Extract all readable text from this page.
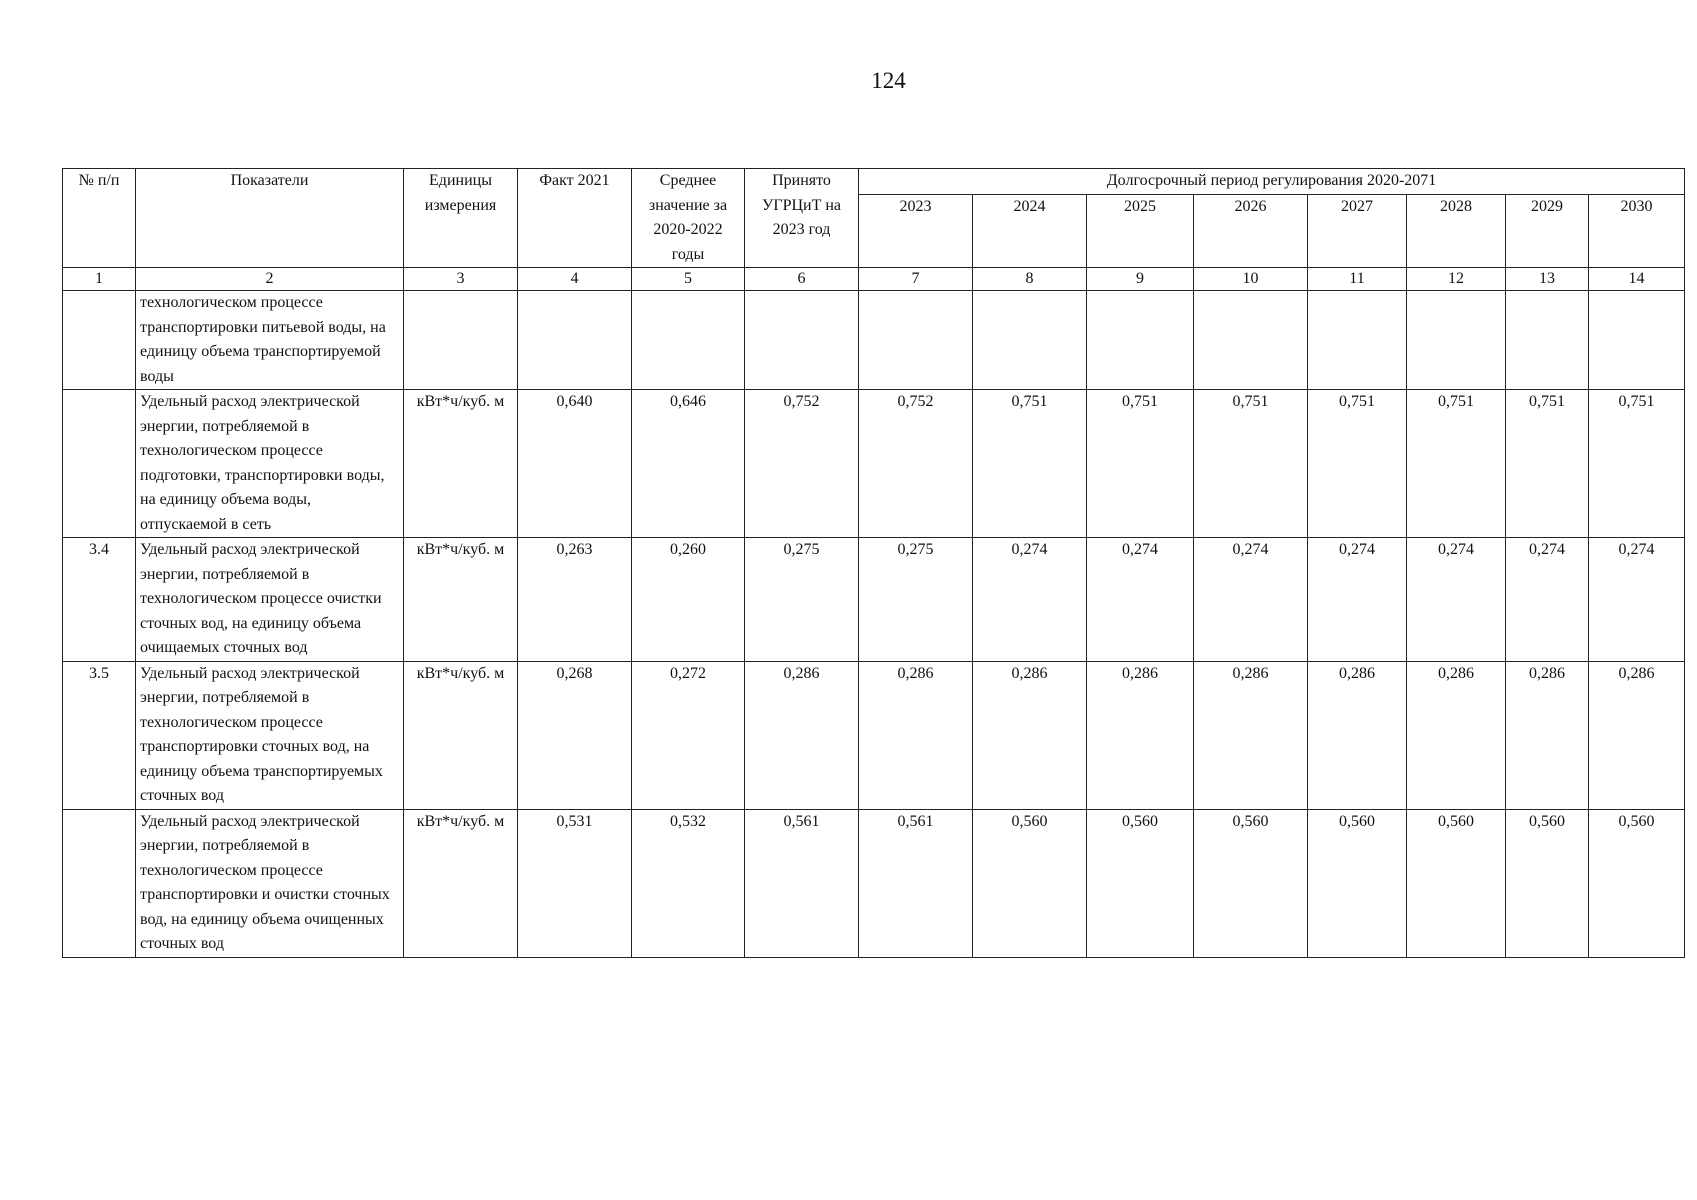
124
№ п/п	Показатели	Единицы измерения	Факт 2021	Среднее значение за 2020-2022 годы	Принято УГРЦиТ на 2023 год	Долгосрочный период регулирования 2020-2071							
						2023	2024	2025	2026	2027	2028	2029	2030
1	2	3	4	5	6	7	8	9	10	11	12	13	14
	технологическом процессе транспортировки питьевой воды, на единицу объема транспортируемой воды												
	Удельный расход электрической энергии, потребляемой в технологическом процессе подготовки, транспортировки воды, на единицу объема воды, отпускаемой в сеть	кВт*ч/куб. м	0,640	0,646	0,752	0,752	0,751	0,751	0,751	0,751	0,751	0,751	0,751
3.4	Удельный расход электрической энергии, потребляемой в технологическом процессе очистки сточных вод, на единицу объема очищаемых сточных вод	кВт*ч/куб. м	0,263	0,260	0,275	0,275	0,274	0,274	0,274	0,274	0,274	0,274	0,274
3.5	Удельный расход электрической энергии, потребляемой в технологическом процессе транспортировки сточных вод, на единицу объема транспортируемых сточных вод	кВт*ч/куб. м	0,268	0,272	0,286	0,286	0,286	0,286	0,286	0,286	0,286	0,286	0,286
	Удельный расход электрической энергии, потребляемой в технологическом процессе транспортировки и очистки сточных вод, на единицу объема очищенных сточных вод	кВт*ч/куб. м	0,531	0,532	0,561	0,561	0,560	0,560	0,560	0,560	0,560	0,560	0,560
